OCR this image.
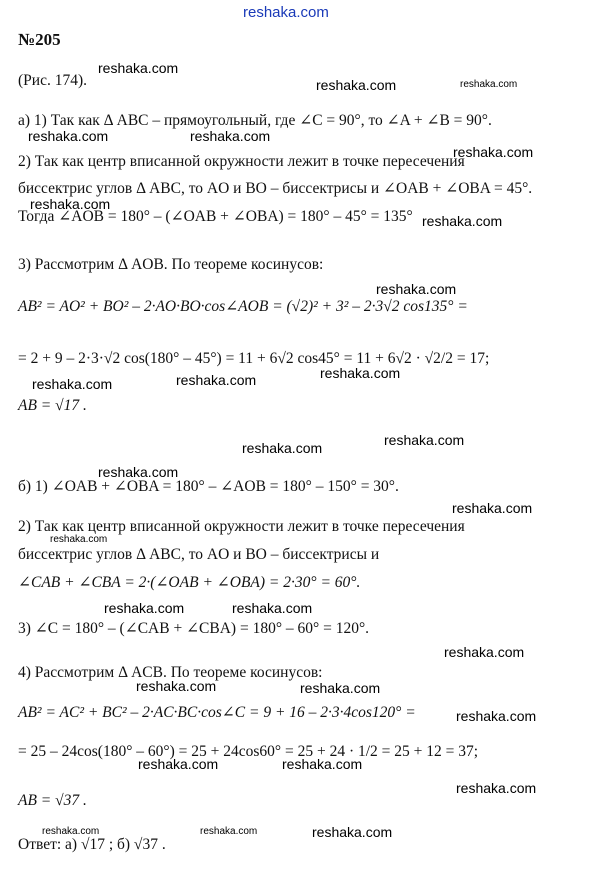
reshaka.com
№205
(Рис. 174).
а) 1) Так как Δ ABC – прямоугольный, где ∠C = 90°, то ∠A + ∠B = 90°.
2) Так как центр вписанной окружности лежит в точке пересечения
биссектрис углов Δ ABC, то AO и BO – биссектрисы и ∠OAB + ∠OBA = 45°.
Тогда ∠AOB = 180° – (∠OAB + ∠OBA) = 180° – 45° = 135°
3) Рассмотрим Δ AOB. По теореме косинусов:
AB² = AO² + BO² – 2·AO·BO·cos∠AOB = (√2)² + 3² – 2·3√2 cos135° =
= 2 + 9 – 2·3·√2 cos(180° – 45°) = 11 + 6√2 cos45° = 11 + 6√2 · √2/2 = 17;
AB = √17 .
б) 1) ∠OAB + ∠OBA = 180° – ∠AOB = 180° – 150° = 30°.
2) Так как центр вписанной окружности лежит в точке пересечения
биссектрис углов Δ ABC, то AO и BO – биссектрисы и
∠CAB + ∠CBA = 2·(∠OAB + ∠OBA) = 2·30° = 60°.
3) ∠C = 180° – (∠CAB + ∠CBA) = 180° – 60° = 120°.
4) Рассмотрим Δ ACB. По теореме косинусов:
AB² = AC² + BC² – 2·AC·BC·cos∠C = 9 + 16 – 2·3·4cos120° =
= 25 – 24cos(180° – 60°) = 25 + 24cos60° = 25 + 24 · 1/2 = 25 + 12 = 37;
AB = √37 .
Ответ: а) √17 ; б) √37 .
reshaka.com
reshaka.com	reshaka.com
reshaka.com	reshaka.com
reshaka.com
reshaka.com
reshaka.com
reshaka.com
reshaka.com	reshaka.com	reshaka.com
reshaka.com	reshaka.com
reshaka.com
reshaka.com
reshaka.com
reshaka.com	reshaka.com
reshaka.com
reshaka.com	reshaka.com
reshaka.com
reshaka.com	reshaka.com
reshaka.com
reshaka.com	reshaka.com	reshaka.com
